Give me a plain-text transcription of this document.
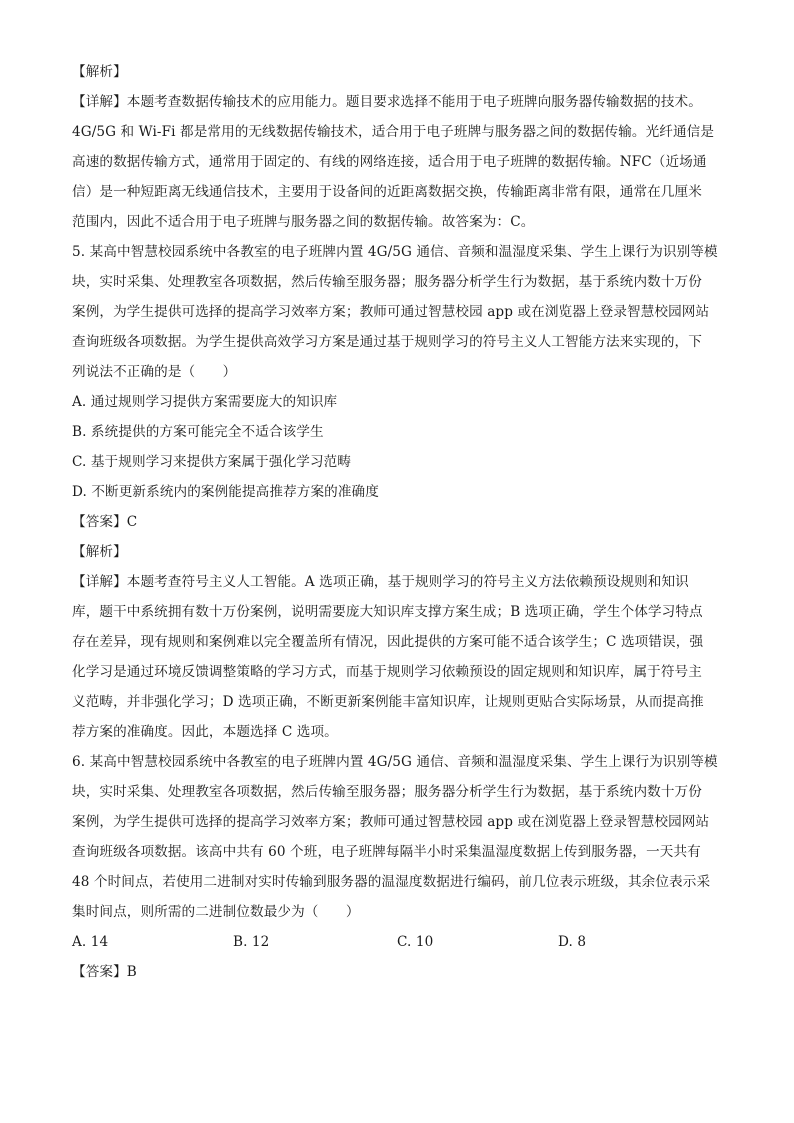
【解析】

【详解】本题考查数据传输技术的应用能力。题目要求选择不能用于电子班牌向服务器传输数据的技术。

4G/5G 和 Wi-Fi 都是常用的无线数据传输技术，适合用于电子班牌与服务器之间的数据传输。光纤通信是

高速的数据传输方式，通常用于固定的、有线的网络连接，适合用于电子班牌的数据传输。NFC（近场通

信）是一种短距离无线通信技术，主要用于设备间的近距离数据交换，传输距离非常有限，通常在几厘米

范围内，因此不适合用于电子班牌与服务器之间的数据传输。故答案为：C。

5. 某高中智慧校园系统中各教室的电子班牌内置 4G/5G 通信、音频和温湿度采集、学生上课行为识别等模

块，实时采集、处理教室各项数据，然后传输至服务器；服务器分析学生行为数据，基于系统内数十万份

案例，为学生提供可选择的提高学习效率方案；教师可通过智慧校园 app 或在浏览器上登录智慧校园网站

查询班级各项数据。为学生提供高效学习方案是通过基于规则学习的符号主义人工智能方法来实现的，下

列说法不正确的是（　　）

A. 通过规则学习提供方案需要庞大的知识库

B. 系统提供的方案可能完全不适合该学生

C. 基于规则学习来提供方案属于强化学习范畴

D. 不断更新系统内的案例能提高推荐方案的准确度

【答案】C

【解析】

【详解】本题考查符号主义人工智能。A 选项正确，基于规则学习的符号主义方法依赖预设规则和知识

库，题干中系统拥有数十万份案例，说明需要庞大知识库支撑方案生成；B 选项正确，学生个体学习特点

存在差异，现有规则和案例难以完全覆盖所有情况，因此提供的方案可能不适合该学生；C 选项错误，强

化学习是通过环境反馈调整策略的学习方式，而基于规则学习依赖预设的固定规则和知识库，属于符号主

义范畴，并非强化学习；D 选项正确，不断更新案例能丰富知识库，让规则更贴合实际场景，从而提高推

荐方案的准确度。因此，本题选择 C 选项。

6. 某高中智慧校园系统中各教室的电子班牌内置 4G/5G 通信、音频和温湿度采集、学生上课行为识别等模

块，实时采集、处理教室各项数据，然后传输至服务器；服务器分析学生行为数据，基于系统内数十万份

案例，为学生提供可选择的提高学习效率方案；教师可通过智慧校园 app 或在浏览器上登录智慧校园网站

查询班级各项数据。该高中共有 60 个班，电子班牌每隔半小时采集温湿度数据上传到服务器，一天共有

48 个时间点，若使用二进制对实时传输到服务器的温湿度数据进行编码，前几位表示班级，其余位表示采

集时间点，则所需的二进制位数最少为（　　）

A. 14	B. 12	C. 10	D. 8

【答案】B
